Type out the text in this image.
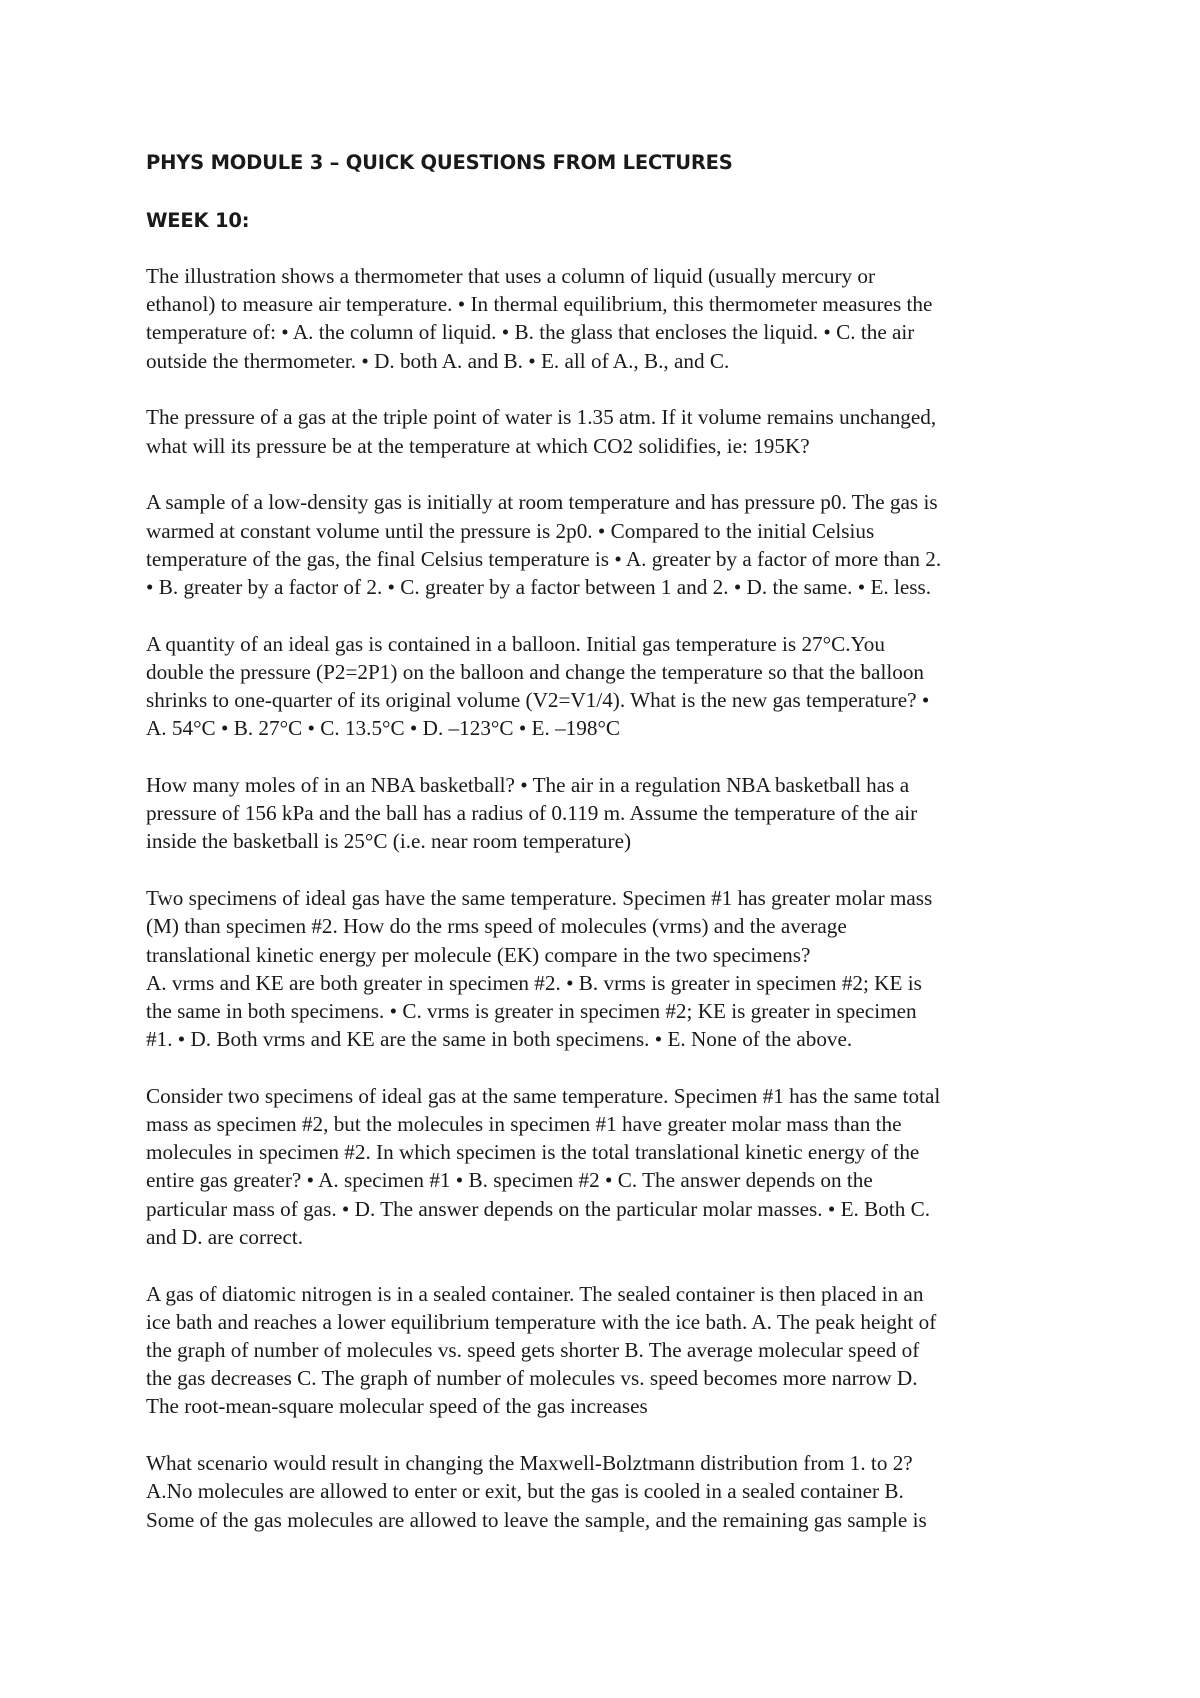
PHYS MODULE 3 – QUICK QUESTIONS FROM LECTURES
WEEK 10:
The illustration shows a thermometer that uses a column of liquid (usually mercury or
ethanol) to measure air temperature. • In thermal equilibrium, this thermometer measures the
temperature of: • A. the column of liquid. • B. the glass that encloses the liquid. • C. the air
outside the thermometer. • D. both A. and B. • E. all of A., B., and C.
The pressure of a gas at the triple point of water is 1.35 atm. If it volume remains unchanged,
what will its pressure be at the temperature at which CO2 solidifies, ie: 195K?
A sample of a low-density gas is initially at room temperature and has pressure p0. The gas is
warmed at constant volume until the pressure is 2p0. • Compared to the initial Celsius
temperature of the gas, the final Celsius temperature is • A. greater by a factor of more than 2.
• B. greater by a factor of 2. • C. greater by a factor between 1 and 2. • D. the same. • E. less.
A quantity of an ideal gas is contained in a balloon. Initial gas temperature is 27°C.You
double the pressure (P2=2P1) on the balloon and change the temperature so that the balloon
shrinks to one-quarter of its original volume (V2=V1/4). What is the new gas temperature? •
A. 54°C • B. 27°C • C. 13.5°C • D. –123°C • E. –198°C
How many moles of in an NBA basketball? • The air in a regulation NBA basketball has a
pressure of 156 kPa and the ball has a radius of 0.119 m. Assume the temperature of the air
inside the basketball is 25°C (i.e. near room temperature)
Two specimens of ideal gas have the same temperature. Specimen #1 has greater molar mass
(M) than specimen #2. How do the rms speed of molecules (vrms) and the average
translational kinetic energy per molecule (EK) compare in the two specimens?
A. vrms and KE are both greater in specimen #2. • B. vrms is greater in specimen #2; KE is
the same in both specimens. • C. vrms is greater in specimen #2; KE is greater in specimen
#1. • D. Both vrms and KE are the same in both specimens. • E. None of the above.
Consider two specimens of ideal gas at the same temperature. Specimen #1 has the same total
mass as specimen #2, but the molecules in specimen #1 have greater molar mass than the
molecules in specimen #2. In which specimen is the total translational kinetic energy of the
entire gas greater? • A. specimen #1 • B. specimen #2 • C. The answer depends on the
particular mass of gas. • D. The answer depends on the particular molar masses. • E. Both C.
and D. are correct.
A gas of diatomic nitrogen is in a sealed container. The sealed container is then placed in an
ice bath and reaches a lower equilibrium temperature with the ice bath. A. The peak height of
the graph of number of molecules vs. speed gets shorter B. The average molecular speed of
the gas decreases C. The graph of number of molecules vs. speed becomes more narrow D.
The root-mean-square molecular speed of the gas increases
What scenario would result in changing the Maxwell-Bolztmann distribution from 1. to 2?
A.No molecules are allowed to enter or exit, but the gas is cooled in a sealed container B.
Some of the gas molecules are allowed to leave the sample, and the remaining gas sample is
